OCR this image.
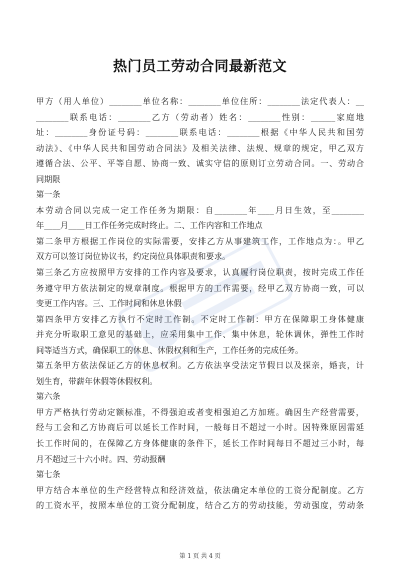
热门员工劳动合同最新范文
甲方（用人单位）________单位名称：________单位住所：________法定代表人：__
________联系电话：________乙方（劳动者）姓名：________性别：______家庭地
址：________身份证号码：________联系电话：________根据《中华人民共和国劳
动法》、《中华人民共和国劳动合同法》及相关法律、法规、规章的规定，甲乙双方
遵循合法、公平、平等自愿、协商一致、诚实守信的原则订立劳动合同。一、劳动合
同期限
第一条
本劳动合同以完成一定工作任务为期限：自________年____月日生效，至________
年____月____日工作任务完成时终止。二、工作内容和工作地点
第二条甲方根据工作岗位的实际需要，安排乙方从事建筑工作，工作地点为：。甲乙
双方可以签订岗位协议书，约定岗位具体职责和要求。
第三条乙方应按照甲方安排的工作内容及要求，认真履行岗位职责，按时完成工作任
务遵守甲方依法制定的规章制度。根据甲方的工作需要，经甲乙双方协商一致，可以
变更工作内容。三、工作时间和休息休假
第四条甲方安排乙方执行不定时工作制。不定时工作制：甲方在保障职工身体健康
并充分听取职工意见的基础上，应采用集中工作、集中休息，轮休调休，弹性工作时
间等适当方式，确保职工的休息、休假权利和生产，工作任务的完成任务。
第五条甲方依法保证乙方的休息权利。乙方依法享受法定节假日以及探亲，婚丧，计
划生育，带薪年休假等休假权利。
第六条
甲方严格执行劳动定额标准，不得强迫或者变相强迫乙方加班。确因生产经营需要，
经与工会和乙方协商后可以延长工作时间，一般每日不超过一小时。因特殊原因需延
长工作时间的，在保障乙方身体健康的条件下，延长工作时间每日不超过三小时，每
月不超过三十六小时。四、劳动报酬
第七条
甲方结合本单位的生产经营特点和经济效益，依法确定本单位的工资分配制度。乙方
的工资水平，按照本单位的工资分配制度，结合乙方的劳动技能，劳动强度，劳动条
第 1 页 共 4 页
